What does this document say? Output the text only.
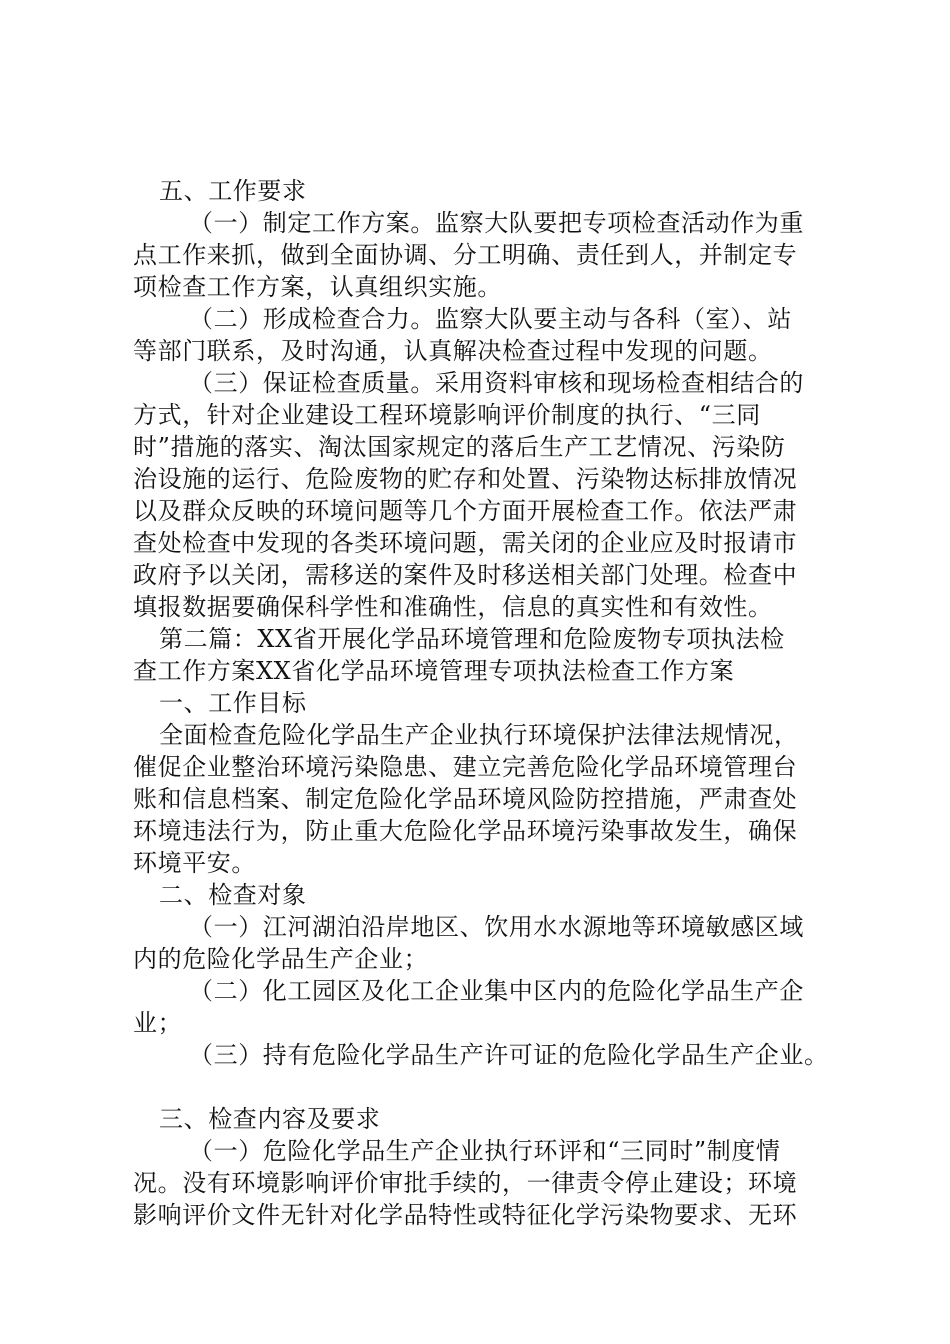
五、工作要求
（一）制定工作方案。监察大队要把专项检查活动作为重
点工作来抓，做到全面协调、分工明确、责任到人，并制定专
项检查工作方案，认真组织实施。
（二）形成检查合力。监察大队要主动与各科（室）、站
等部门联系，及时沟通，认真解决检查过程中发现的问题。
（三）保证检查质量。采用资料审核和现场检查相结合的
方式，针对企业建设工程环境影响评价制度的执行、“三同
时”措施的落实、淘汰国家规定的落后生产工艺情况、污染防
治设施的运行、危险废物的贮存和处置、污染物达标排放情况
以及群众反映的环境问题等几个方面开展检查工作。依法严肃
查处检查中发现的各类环境问题，需关闭的企业应及时报请市
政府予以关闭，需移送的案件及时移送相关部门处理。检查中
填报数据要确保科学性和准确性，信息的真实性和有效性。
第二篇：XX省开展化学品环境管理和危险废物专项执法检
查工作方案XX省化学品环境管理专项执法检查工作方案
一、工作目标
全面检查危险化学品生产企业执行环境保护法律法规情况，
催促企业整治环境污染隐患、建立完善危险化学品环境管理台
账和信息档案、制定危险化学品环境风险防控措施，严肃查处
环境违法行为，防止重大危险化学品环境污染事故发生，确保
环境平安。
二、检查对象
（一）江河湖泊沿岸地区、饮用水水源地等环境敏感区域
内的危险化学品生产企业；
（二）化工园区及化工企业集中区内的危险化学品生产企
业；
（三）持有危险化学品生产许可证的危险化学品生产企业。
三、检查内容及要求
（一）危险化学品生产企业执行环评和“三同时”制度情
况。没有环境影响评价审批手续的，一律责令停止建设；环境
影响评价文件无针对化学品特性或特征化学污染物要求、无环
